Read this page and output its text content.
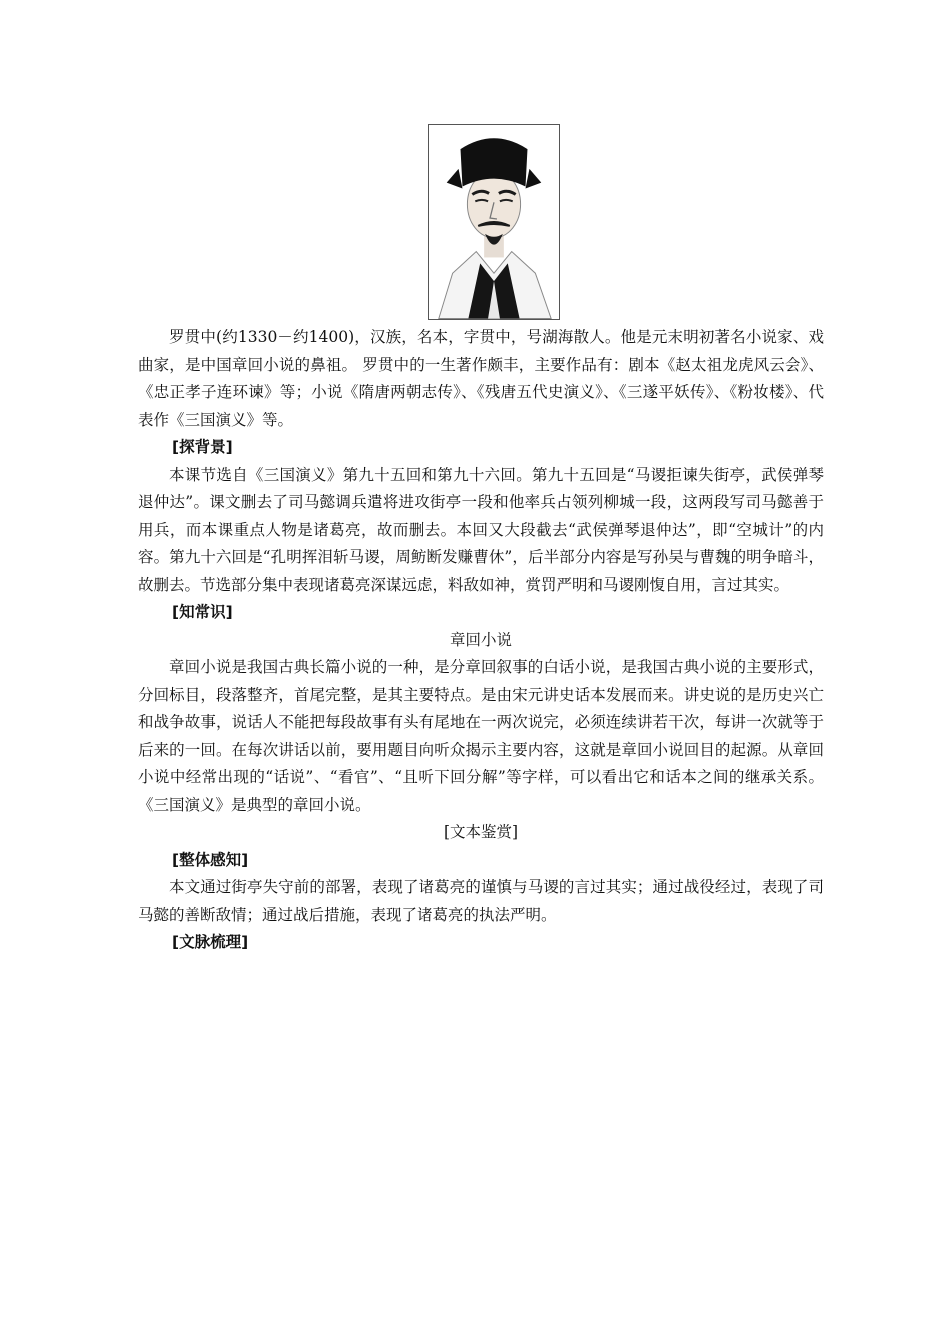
罗贯中(约1330－约1400)，汉族，名本，字贯中，号湖海散人。他是元末明初著名小说家、戏曲家，是中国章回小说的鼻祖。 罗贯中的一生著作颇丰，主要作品有：剧本《赵太祖龙虎风云会》、《忠正孝子连环谏》等；小说《隋唐两朝志传》、《残唐五代史演义》、《三遂平妖传》、《粉妆楼》、代表作《三国演义》等。

[探背景]

本课节选自《三国演义》第九十五回和第九十六回。第九十五回是“马谡拒谏失街亭，武侯弹琴退仲达”。课文删去了司马懿调兵遣将进攻街亭一段和他率兵占领列柳城一段，这两段写司马懿善于用兵，而本课重点人物是诸葛亮，故而删去。本回又大段截去“武侯弹琴退仲达”，即“空城计”的内容。第九十六回是“孔明挥泪斩马谡，周鲂断发赚曹休”，后半部分内容是写孙吴与曹魏的明争暗斗，故删去。节选部分集中表现诸葛亮深谋远虑，料敌如神，赏罚严明和马谡刚愎自用，言过其实。

[知常识]
章回小说

章回小说是我国古典长篇小说的一种，是分章回叙事的白话小说，是我国古典小说的主要形式，分回标目，段落整齐，首尾完整，是其主要特点。是由宋元讲史话本发展而来。讲史说的是历史兴亡和战争故事，说话人不能把每段故事有头有尾地在一两次说完，必须连续讲若干次，每讲一次就等于后来的一回。在每次讲话以前，要用题目向听众揭示主要内容，这就是章回小说回目的起源。从章回小说中经常出现的“话说”、“看官”、“且听下回分解”等字样，可以看出它和话本之间的继承关系。《三国演义》是典型的章回小说。

[文本鉴赏]
[整体感知]

本文通过街亭失守前的部署，表现了诸葛亮的谨慎与马谡的言过其实；通过战役经过，表现了司马懿的善断敌情；通过战后措施，表现了诸葛亮的执法严明。

[文脉梳理]
